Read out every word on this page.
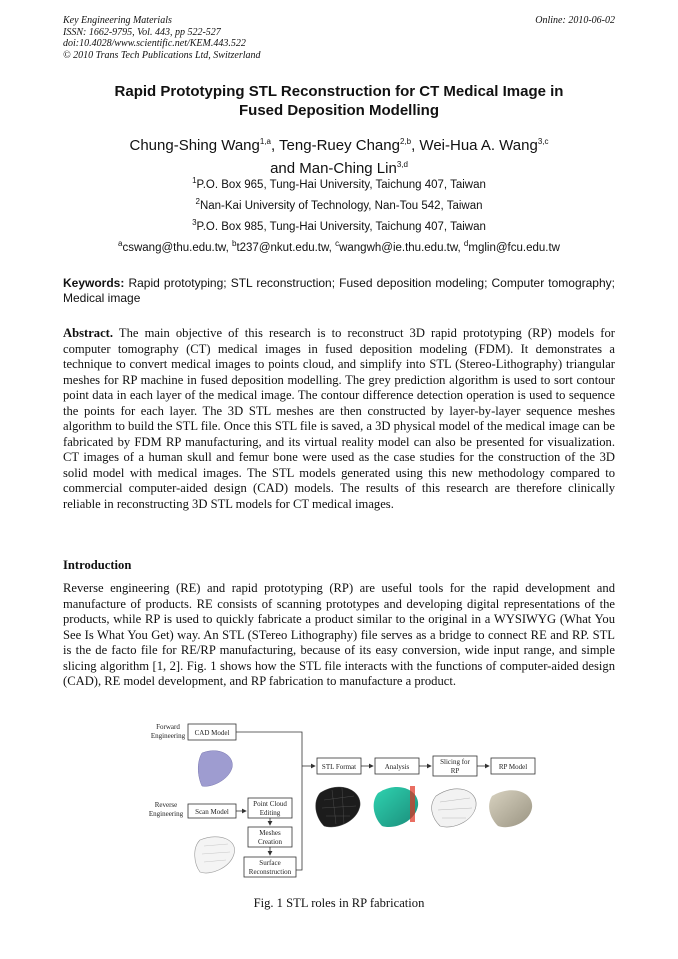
Key Engineering Materials
ISSN: 1662-9795, Vol. 443, pp 522-527
doi:10.4028/www.scientific.net/KEM.443.522
© 2010 Trans Tech Publications Ltd, Switzerland
Online: 2010-06-02
Rapid Prototyping STL Reconstruction for CT Medical Image in
Fused Deposition Modelling
Chung-Shing Wang$^{1,a}$, Teng-Ruey Chang$^{2,b}$, Wei-Hua A. Wang$^{3,c}$
and Man-Ching Lin$^{3,d}$
$^1$P.O. Box 965, Tung-Hai University, Taichung 407, Taiwan
$^2$Nan-Kai University of Technology, Nan-Tou 542, Taiwan
$^3$P.O. Box 985, Tung-Hai University, Taichung 407, Taiwan
$^a$cswang@thu.edu.tw, $^b$t237@nkut.edu.tw, $^c$wangwh@ie.thu.edu.tw, $^d$mglin@fcu.edu.tw
Keywords: Rapid prototyping; STL reconstruction; Fused deposition modeling; Computer tomography; Medical image
Abstract. The main objective of this research is to reconstruct 3D rapid prototyping (RP) models for computer tomography (CT) medical images in fused deposition modeling (FDM). It demonstrates a technique to convert medical images to points cloud, and simplify into STL (Stereo-Lithography) triangular meshes for RP machine in fused deposition modelling. The grey prediction algorithm is used to sort contour point data in each layer of the medical image. The contour difference detection operation is used to sequence the points for each layer. The 3D STL meshes are then constructed by layer-by-layer sequence meshes algorithm to build the STL file. Once this STL file is saved, a 3D physical model of the medical image can be fabricated by FDM RP manufacturing, and its virtual reality model can also be presented for visualization. CT images of a human skull and femur bone were used as the case studies for the construction of the 3D solid model with medical images. The STL models generated using this new methodology compared to commercial computer-aided design (CAD) models. The results of this research are therefore clinically reliable in reconstructing 3D STL models for CT medical images.
Introduction
Reverse engineering (RE) and rapid prototyping (RP) are useful tools for the rapid development and manufacture of products. RE consists of scanning prototypes and developing digital representations of the products, while RP is used to quickly fabricate a product similar to the original in a WYSIWYG (What You See Is What You Get) way. An STL (STereo Lithography) file serves as a bridge to connect RE and RP. STL is the de facto file for RE/RP manufacturing, because of its easy conversion, wide input range, and simple slicing algorithm [1, 2]. Fig. 1 shows how the STL file interacts with the functions of computer-aided design (CAD), RE model development, and RP fabrication to manufacture a product.
Forward
Engineering
Reverse
Engineering
CAD Model
Scan Model
Point Cloud
Editing
Meshes
Creation
Surface
Reconstruction
STL Format	Analysis
Slicing for
RP	RP Model
Fig. 1 STL roles in RP fabrication
